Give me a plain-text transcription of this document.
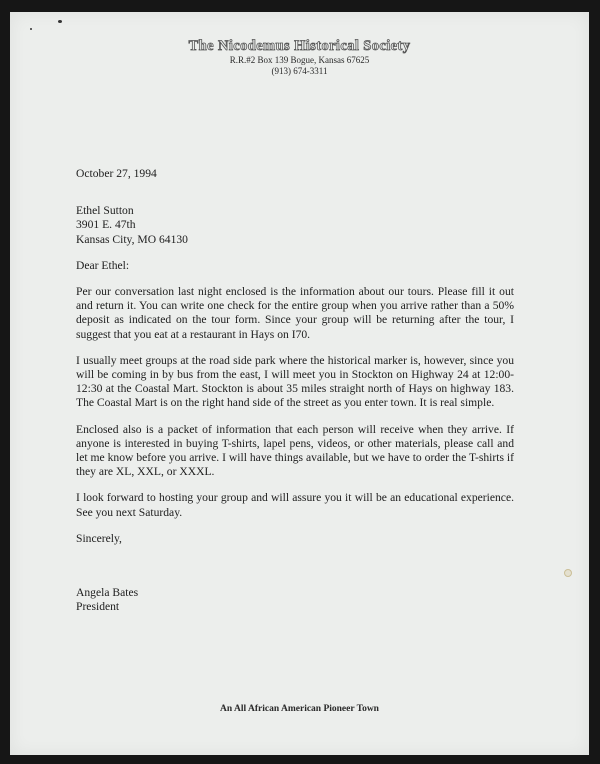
The Nicodemus Historical Society
R.R.#2 Box 139 Bogue, Kansas 67625
(913) 674-3311

October 27, 1994

Ethel Sutton

3901 E. 47th

Kansas City, MO 64130

Dear Ethel:

Per our conversation last night enclosed is the information about our tours. Please fill it out and return it. You can write one check for the entire group when you arrive rather than a 50% deposit as indicated on the tour form. Since your group will be returning after the tour, I suggest that you eat at a restaurant in Hays on I70.

I usually meet groups at the road side park where the historical marker is, however, since you will be coming in by bus from the east, I will meet you in Stockton on Highway 24 at 12:00-12:30 at the Coastal Mart. Stockton is about 35 miles straight north of Hays on highway 183. The Coastal Mart is on the right hand side of the street as you enter town. It is real simple.

Enclosed also is a packet of information that each person will receive when they arrive. If anyone is interested in buying T-shirts, lapel pens, videos, or other materials, please call and let me know before you arrive. I will have things available, but we have to order the T-shirts if they are XL, XXL, or XXXL.

I look forward to hosting your group and will assure you it will be an educational experience. See you next Saturday.

Sincerely,

Angela Bates

President

An All African American Pioneer Town
